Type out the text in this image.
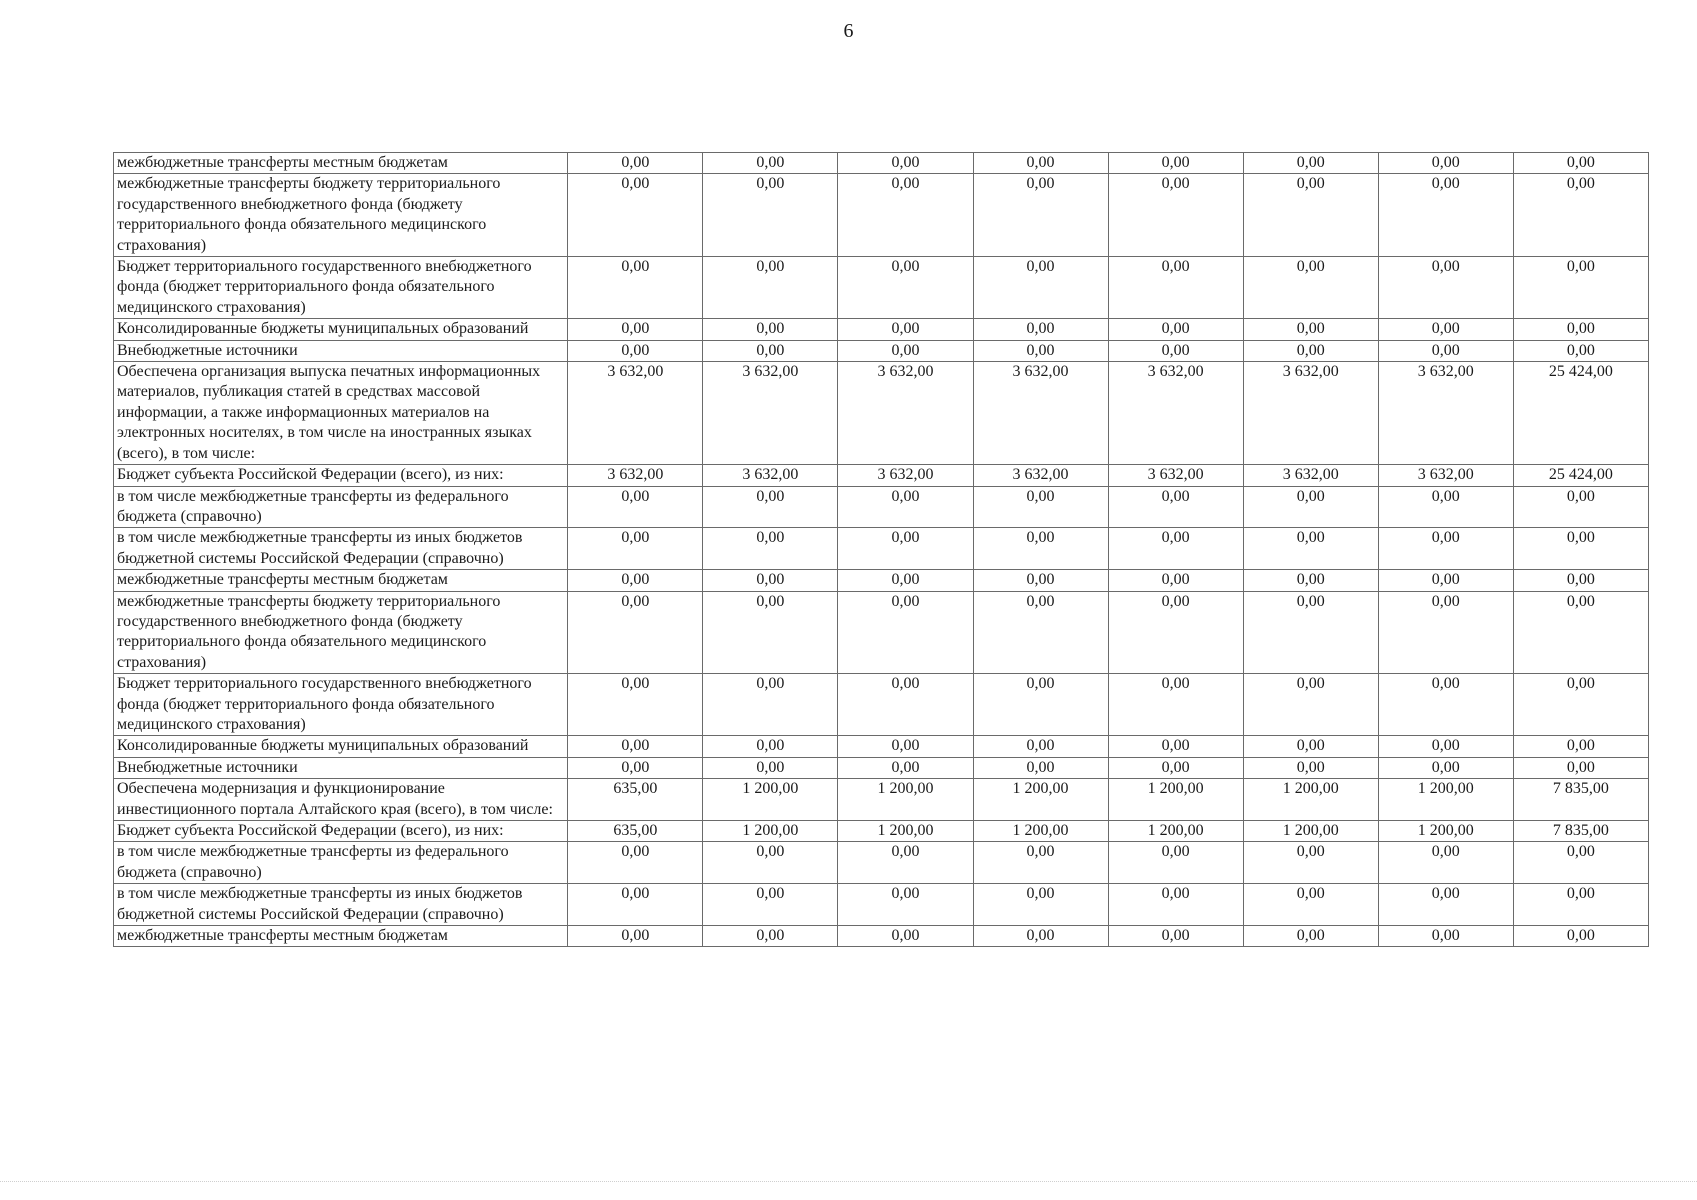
6
межбюджетные трансферты местным бюджетам	0,00	0,00	0,00	0,00	0,00	0,00	0,00	0,00
межбюджетные трансферты бюджету территориального государственного внебюджетного фонда (бюджету территориального фонда обязательного медицинского страхования)	0,00	0,00	0,00	0,00	0,00	0,00	0,00	0,00
Бюджет территориального государственного внебюджетного фонда (бюджет территориального фонда обязательного медицинского страхования)	0,00	0,00	0,00	0,00	0,00	0,00	0,00	0,00
Консолидированные бюджеты муниципальных образований	0,00	0,00	0,00	0,00	0,00	0,00	0,00	0,00
Внебюджетные источники	0,00	0,00	0,00	0,00	0,00	0,00	0,00	0,00
Обеспечена организация выпуска печатных информационных материалов, публикация статей в средствах массовой информации, а также информационных материалов на электронных носителях, в том числе на иностранных языках (всего), в том числе:	3 632,00	3 632,00	3 632,00	3 632,00	3 632,00	3 632,00	3 632,00	25 424,00
Бюджет субъекта Российской Федерации (всего), из них:	3 632,00	3 632,00	3 632,00	3 632,00	3 632,00	3 632,00	3 632,00	25 424,00
в том числе межбюджетные трансферты из федерального бюджета (справочно)	0,00	0,00	0,00	0,00	0,00	0,00	0,00	0,00
в том числе межбюджетные трансферты из иных бюджетов бюджетной системы Российской Федерации (справочно)	0,00	0,00	0,00	0,00	0,00	0,00	0,00	0,00
межбюджетные трансферты местным бюджетам	0,00	0,00	0,00	0,00	0,00	0,00	0,00	0,00
межбюджетные трансферты бюджету территориального государственного внебюджетного фонда (бюджету территориального фонда обязательного медицинского страхования)	0,00	0,00	0,00	0,00	0,00	0,00	0,00	0,00
Бюджет территориального государственного внебюджетного фонда (бюджет территориального фонда обязательного медицинского страхования)	0,00	0,00	0,00	0,00	0,00	0,00	0,00	0,00
Консолидированные бюджеты муниципальных образований	0,00	0,00	0,00	0,00	0,00	0,00	0,00	0,00
Внебюджетные источники	0,00	0,00	0,00	0,00	0,00	0,00	0,00	0,00
Обеспечена модернизация и функционирование инвестиционного портала Алтайского края (всего), в том числе:	635,00	1 200,00	1 200,00	1 200,00	1 200,00	1 200,00	1 200,00	7 835,00
Бюджет субъекта Российской Федерации (всего), из них:	635,00	1 200,00	1 200,00	1 200,00	1 200,00	1 200,00	1 200,00	7 835,00
в том числе межбюджетные трансферты из федерального бюджета (справочно)	0,00	0,00	0,00	0,00	0,00	0,00	0,00	0,00
в том числе межбюджетные трансферты из иных бюджетов бюджетной системы Российской Федерации (справочно)	0,00	0,00	0,00	0,00	0,00	0,00	0,00	0,00
межбюджетные трансферты местным бюджетам	0,00	0,00	0,00	0,00	0,00	0,00	0,00	0,00
